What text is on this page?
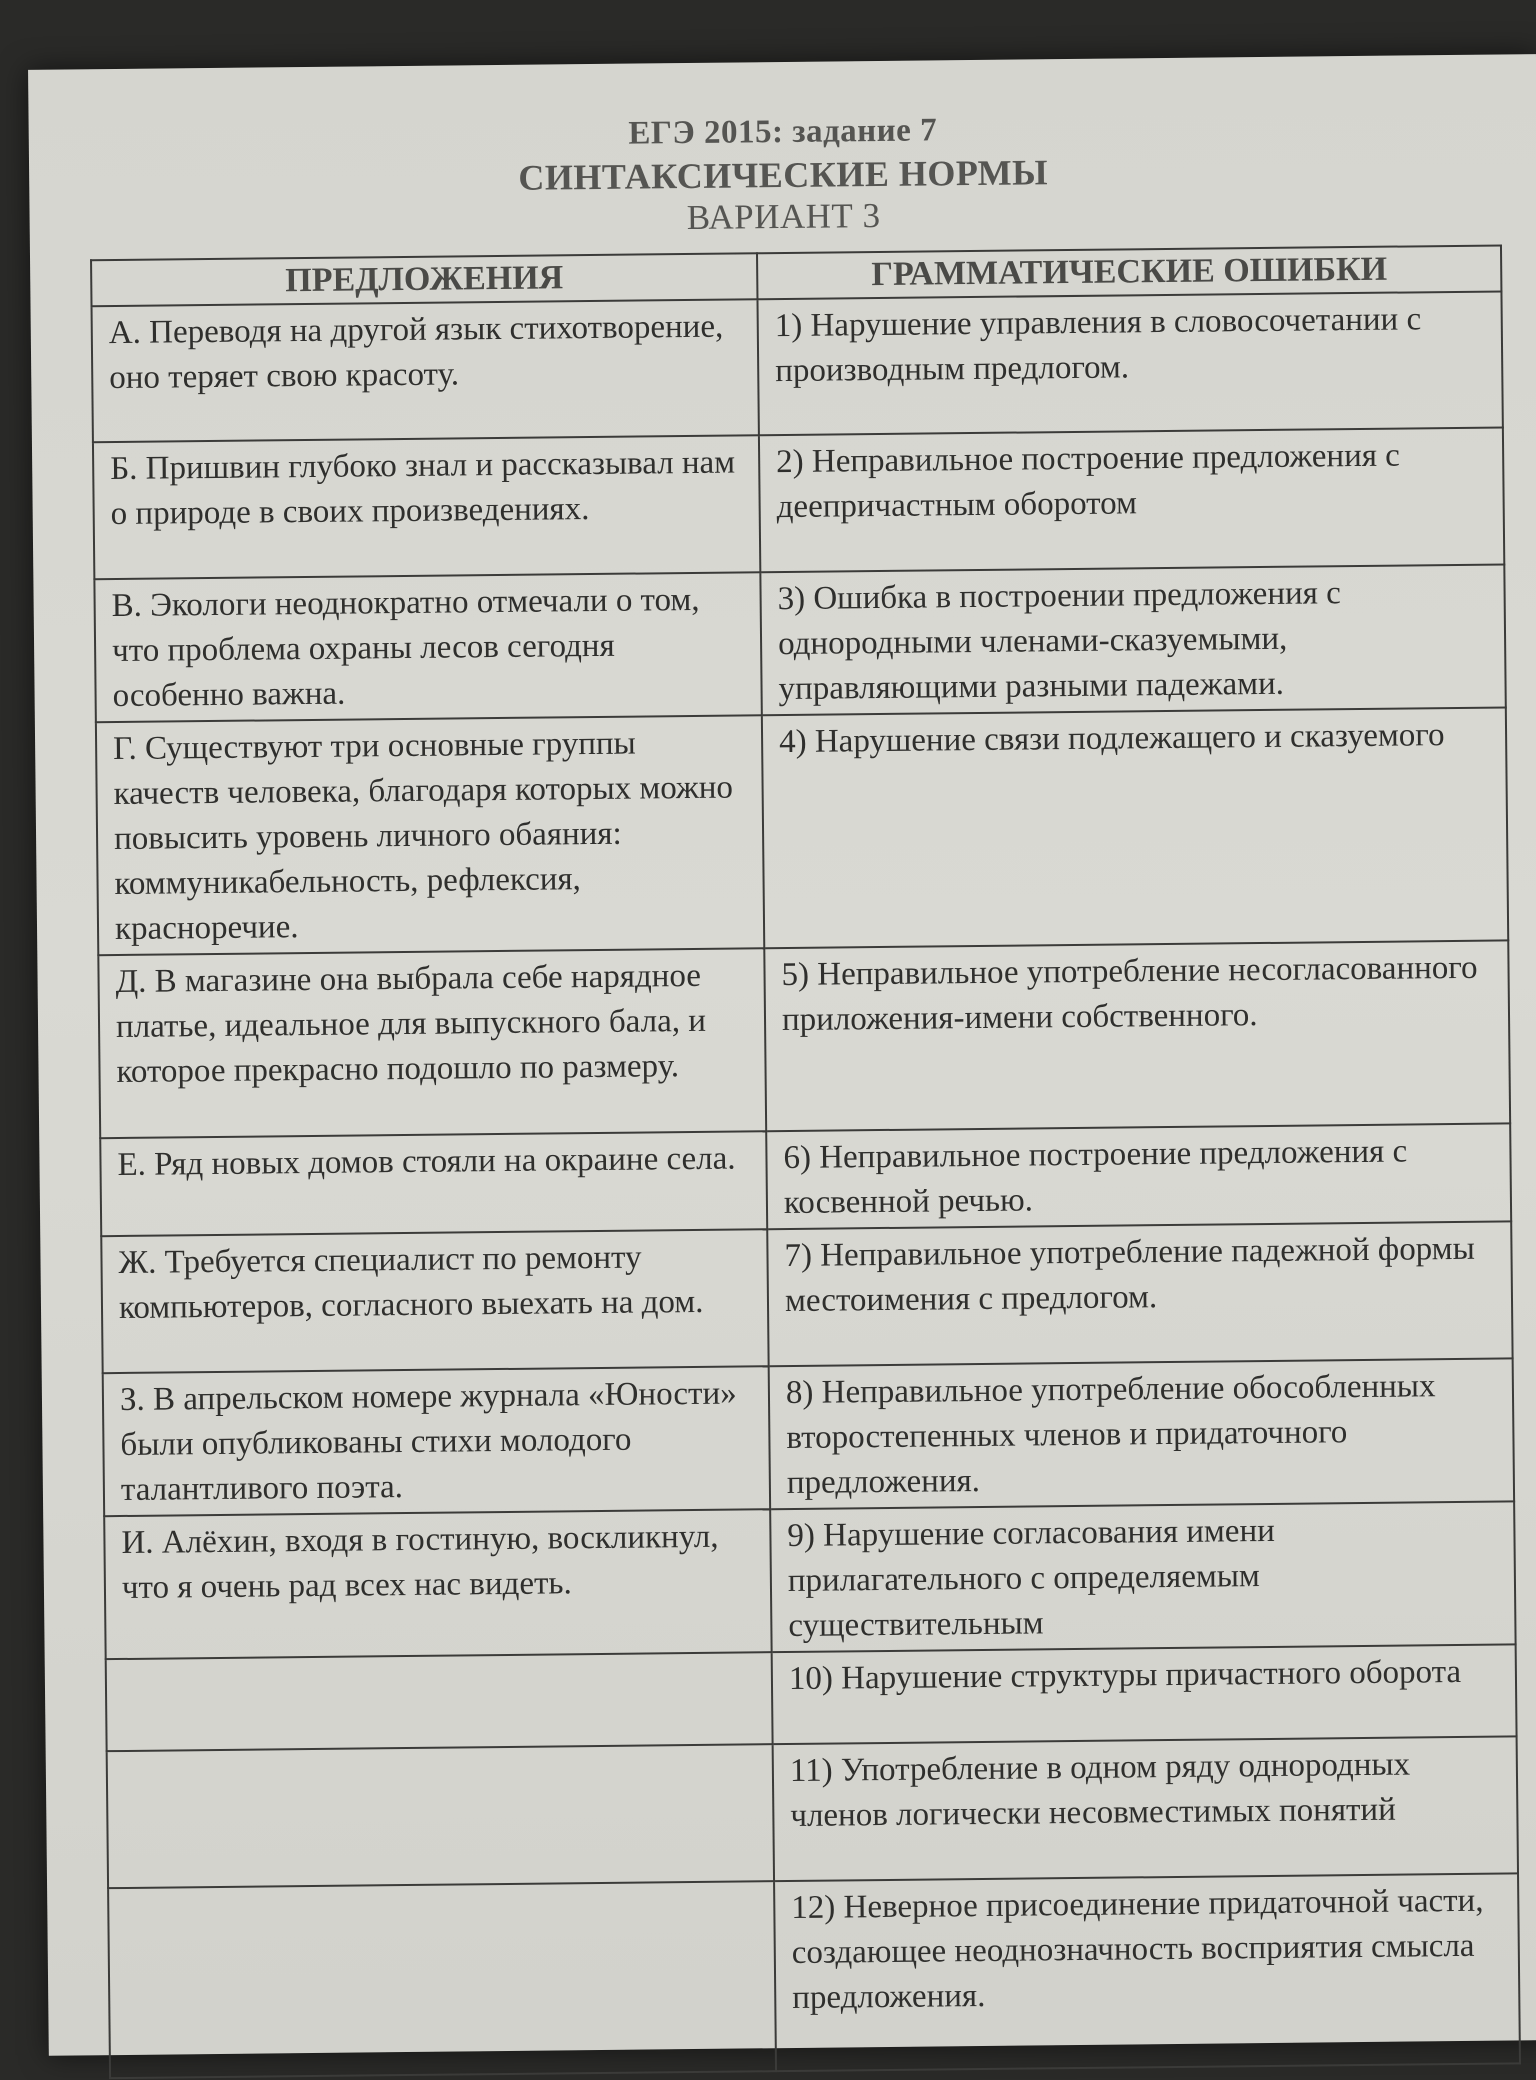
ЕГЭ 2015: задание 7
СИНТАКСИЧЕСКИЕ НОРМЫ
ВАРИАНТ 3
ПРЕДЛОЖЕНИЯ	ГРАММАТИЧЕСКИЕ ОШИБКИ
А. Переводя на другой язык стихотворение, оно теряет свою красоту.	1) Нарушение управления в словосочетании с производным предлогом.
Б. Пришвин глубоко знал и рассказывал нам о природе в своих произведениях.	2) Неправильное построение предложения с деепричастным оборотом
В. Экологи неоднократно отмечали о том, что проблема охраны лесов сегодня особенно важна.	3) Ошибка в построении предложения с однородными членами-сказуемыми, управляющими разными падежами.
Г. Существуют три основные группы качеств человека, благодаря которых можно повысить уровень личного обаяния: коммуникабельность, рефлексия, красноречие.	4) Нарушение связи подлежащего и сказуемого
Д. В магазине она выбрала себе нарядное платье, идеальное для выпускного бала, и которое прекрасно подошло по размеру.	5) Неправильное употребление несогласованного приложения-имени собственного.
Е. Ряд новых домов стояли на окраине села.	6) Неправильное построение предложения с косвенной речью.
Ж. Требуется специалист по ремонту компьютеров, согласного выехать на дом.	7) Неправильное употребление падежной формы местоимения с предлогом.
З. В апрельском номере журнала «Юности» были опубликованы стихи молодого талантливого поэта.	8) Неправильное употребление обособленных второстепенных членов и придаточного предложения.
И. Алёхин, входя в гостиную, воскликнул, что я очень рад всех нас видеть.	9) Нарушение согласования имени прилагательного с определяемым существительным
	10) Нарушение структуры причастного оборота
	11) Употребление в одном ряду однородных членов логически несовместимых понятий
	12) Неверное присоединение придаточной части, создающее неоднозначность восприятия смысла предложения.
